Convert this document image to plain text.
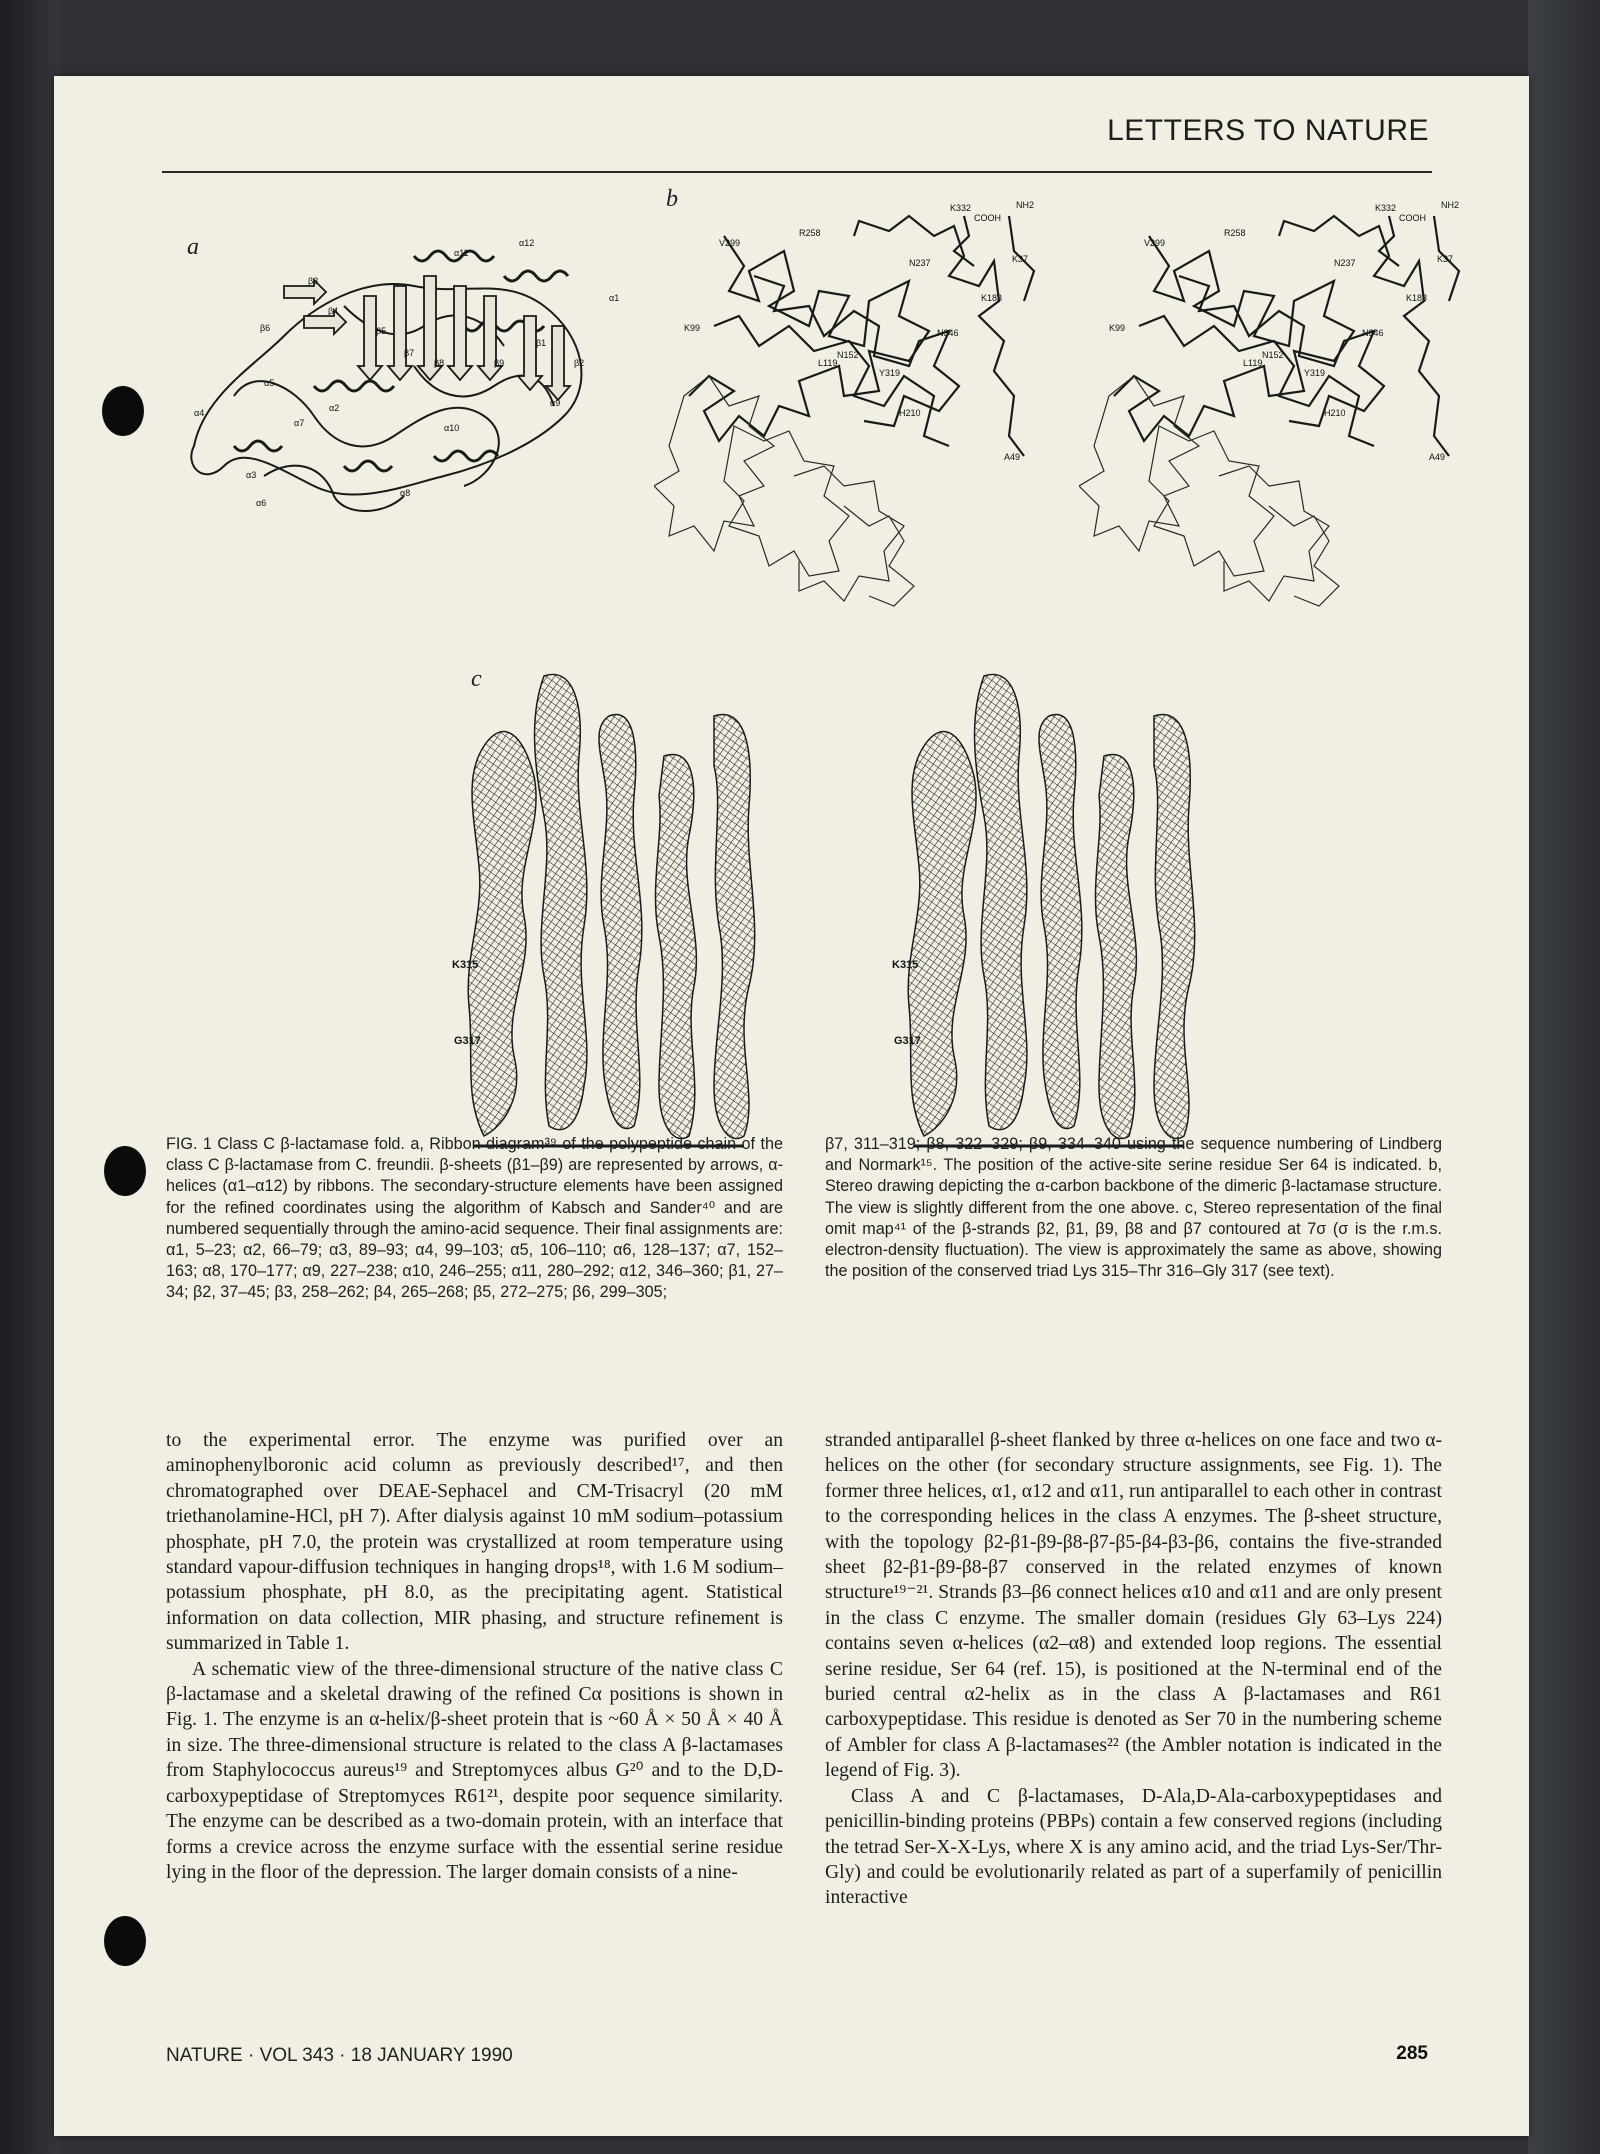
LETTERS TO NATURE
a	α11
α12
α1
β3
β4
β5
β6
β7
β8	β9
β1
β2
α5
α4	α2
α7	α10
α9
α3
α6
α8
b	K332
COOH
NH2
R258
V299
K37
N237
K183
K99	N346
L119
N152
Y319
H210
A49
K332
COOH
NH2
R258
V299
K37
N237
K183
K99	N346
L119
N152
Y319
H210
A49
c
K315
G317
K315
G317
FIG. 1 Class C β-lactamase fold. a, Ribbon diagram³⁹ of the polypeptide chain of the class C β-lactamase from C. freundii. β-sheets (β1–β9) are represented by arrows, α-helices (α1–α12) by ribbons. The secondary-structure elements have been assigned for the refined coordinates using the algorithm of Kabsch and Sander⁴⁰ and are numbered sequentially through the amino-acid sequence. Their final assignments are: α1, 5–23; α2, 66–79; α3, 89–93; α4, 99–103; α5, 106–110; α6, 128–137; α7, 152–163; α8, 170–177; α9, 227–238; α10, 246–255; α11, 280–292; α12, 346–360; β1, 27–34; β2, 37–45; β3, 258–262; β4, 265–268; β5, 272–275; β6, 299–305;
β7, 311–319; β8, 322–329; β9, 334–340 using the sequence numbering of Lindberg and Normark¹⁵. The position of the active-site serine residue Ser 64 is indicated. b, Stereo drawing depicting the α-carbon backbone of the dimeric β-lactamase structure. The view is slightly different from the one above. c, Stereo representation of the final omit map⁴¹ of the β-strands β2, β1, β9, β8 and β7 contoured at 7σ (σ is the r.m.s. electron-density fluctuation). The view is approximately the same as above, showing the position of the conserved triad Lys 315–Thr 316–Gly 317 (see text).

to the experimental error. The enzyme was purified over an aminophenylboronic acid column as previously described¹⁷, and then chromatographed over DEAE-Sephacel and CM-Trisacryl (20 mM triethanolamine-HCl, pH 7). After dialysis against 10 mM sodium–potassium phosphate, pH 7.0, the protein was crystallized at room temperature using standard vapour-diffusion techniques in hanging drops¹⁸, with 1.6 M sodium–potassium phosphate, pH 8.0, as the precipitating agent. Statistical information on data collection, MIR phasing, and structure refinement is summarized in Table 1.

A schematic view of the three-dimensional structure of the native class C β-lactamase and a skeletal drawing of the refined Cα positions is shown in Fig. 1. The enzyme is an α-helix/β-sheet protein that is ~60 Å × 50 Å × 40 Å in size. The three-dimensional structure is related to the class A β-lactamases from Staphylococcus aureus¹⁹ and Streptomyces albus G²⁰ and to the D,D-carboxypeptidase of Streptomyces R61²¹, despite poor sequence similarity. The enzyme can be described as a two-domain protein, with an interface that forms a crevice across the enzyme surface with the essential serine residue lying in the floor of the depression. The larger domain consists of a nine-

stranded antiparallel β-sheet flanked by three α-helices on one face and two α-helices on the other (for secondary structure assignments, see Fig. 1). The former three helices, α1, α12 and α11, run antiparallel to each other in contrast to the corresponding helices in the class A enzymes. The β-sheet structure, with the topology β2-β1-β9-β8-β7-β5-β4-β3-β6, contains the five-stranded sheet β2-β1-β9-β8-β7 conserved in the related enzymes of known structure¹⁹⁻²¹. Strands β3–β6 connect helices α10 and α11 and are only present in the class C enzyme. The smaller domain (residues Gly 63–Lys 224) contains seven α-helices (α2–α8) and extended loop regions. The essential serine residue, Ser 64 (ref. 15), is positioned at the N-terminal end of the buried central α2-helix as in the class A β-lactamases and R61 carboxypeptidase. This residue is denoted as Ser 70 in the numbering scheme of Ambler for class A β-lactamases²² (the Ambler notation is indicated in the legend of Fig. 3).

Class A and C β-lactamases, D-Ala,D-Ala-carboxypeptidases and penicillin-binding proteins (PBPs) contain a few conserved regions (including the tetrad Ser-X-X-Lys, where X is any amino acid, and the triad Lys-Ser/Thr-Gly) and could be evolutionarily related as part of a superfamily of penicillin interactive

NATURE · VOL 343 · 18 JANUARY 1990	285
